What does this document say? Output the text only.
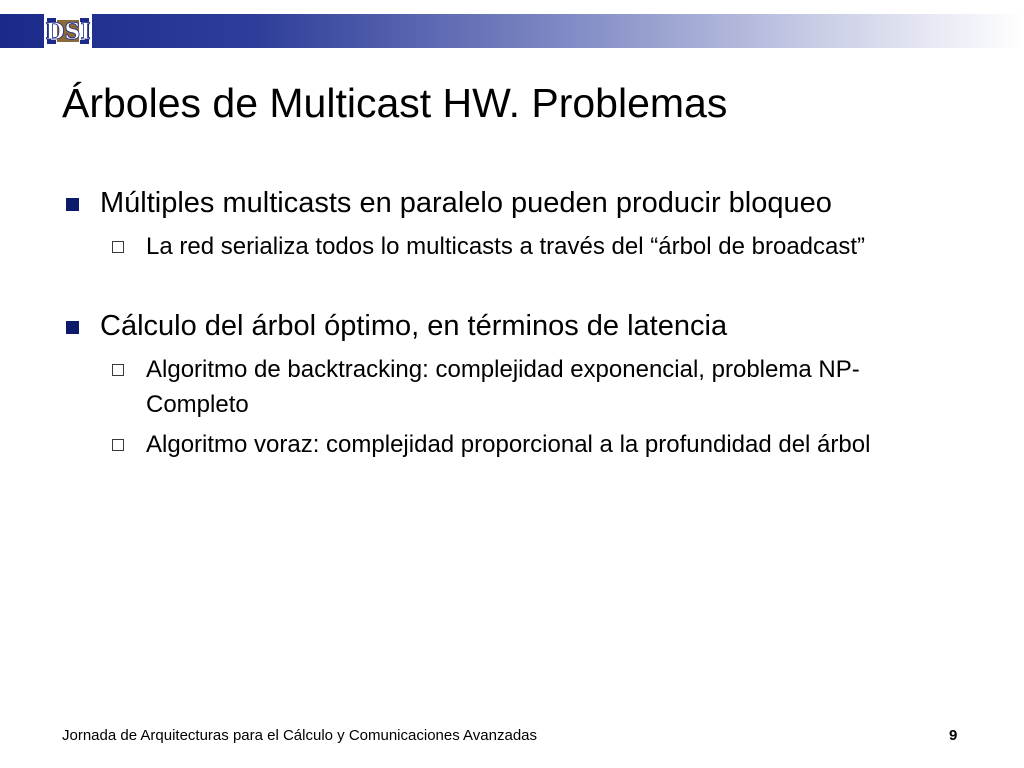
DSI
Árboles de Multicast HW. Problemas
Múltiples multicasts en paralelo pueden producir bloqueo
La red serializa todos lo multicasts a través del “árbol de broadcast”
Cálculo del árbol óptimo, en términos de latencia
Algoritmo de backtracking: complejidad exponencial, problema NP-Completo
Algoritmo voraz: complejidad proporcional a la profundidad del árbol
Jornada de Arquitecturas para el Cálculo y Comunicaciones Avanzadas	9
